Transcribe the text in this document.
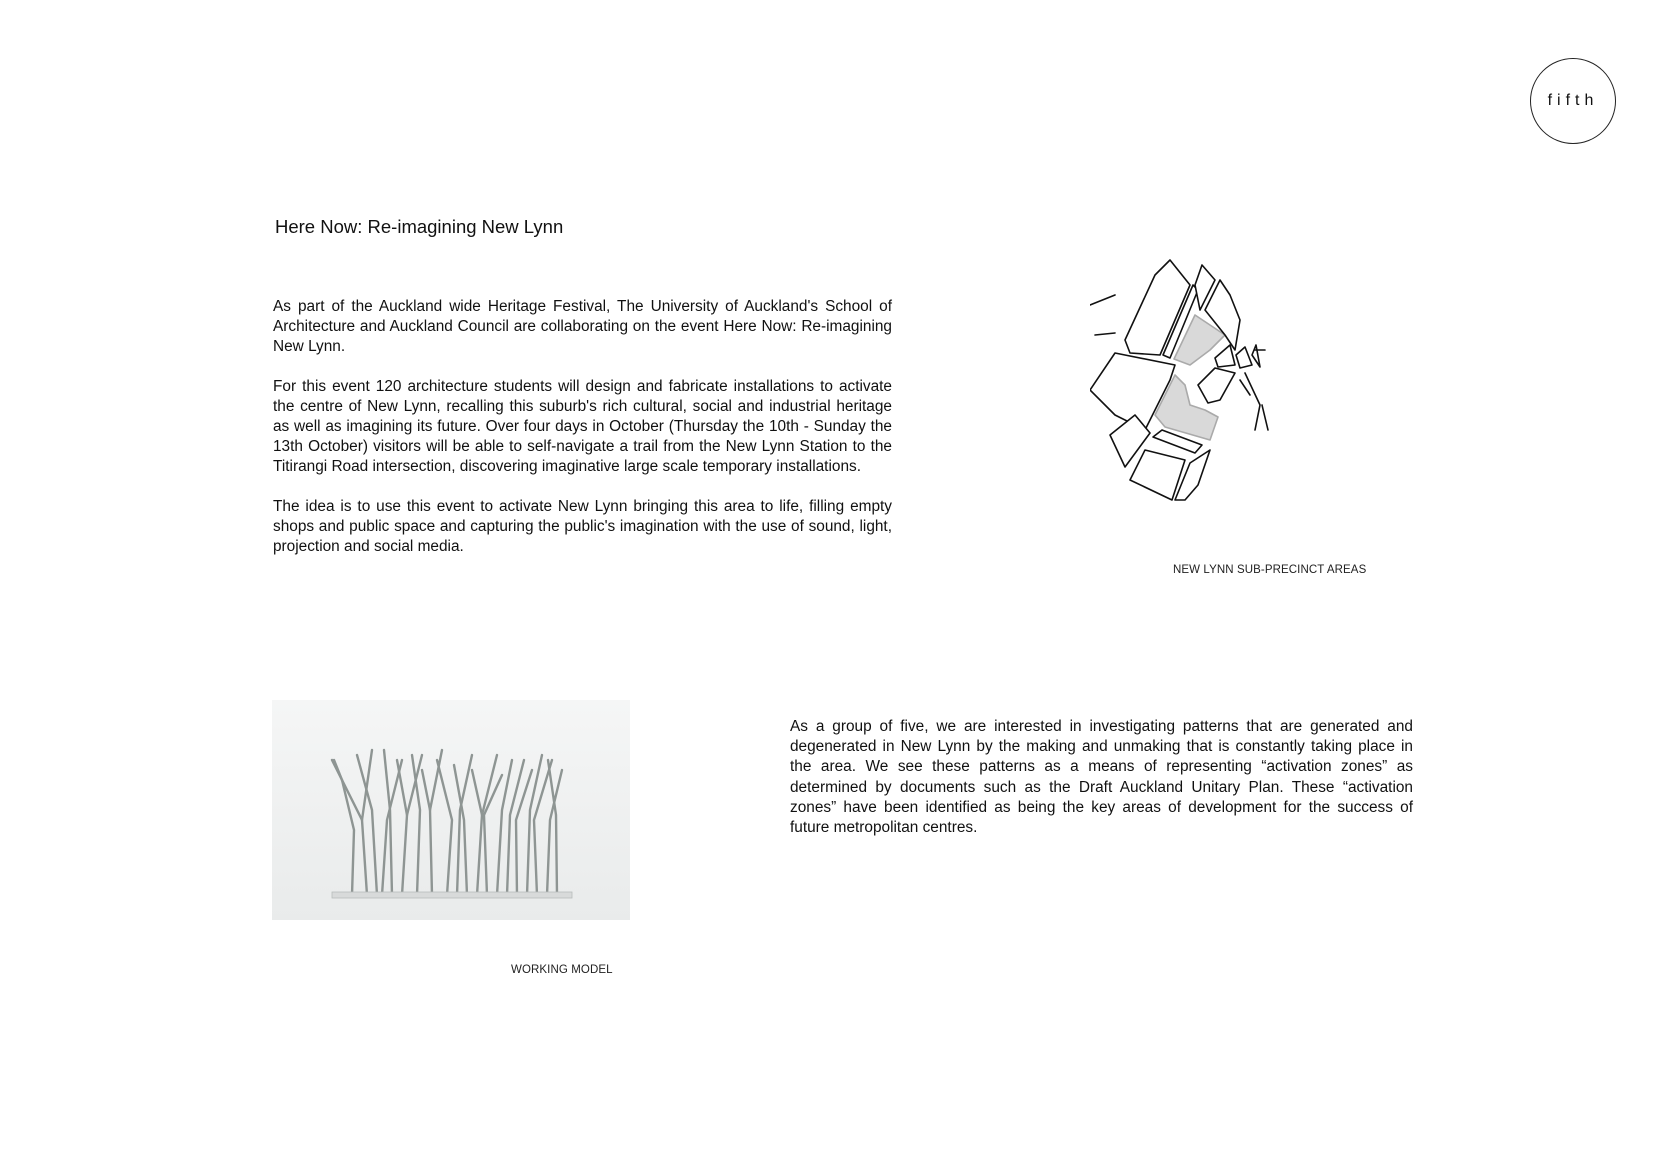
fifth
Here Now: Re-imagining New Lynn

As part of the Auckland wide Heritage Festival, The University of Auckland's School of Architecture and Auckland Council are collaborating on the event Here Now: Re-imagining New Lynn.

For this event 120 architecture students will design and fabricate installations to activate the centre of New Lynn, recalling this suburb's rich cultural, social and industrial heritage as well as imagining its future. Over four days in October (Thursday the 10th - Sunday the 13th October) visitors will be able to self-navigate a trail from the New Lynn Station to the Titirangi Road intersection, discovering imaginative large scale temporary installations.

The idea is to use this event to activate New Lynn bringing this area to life, filling empty shops and public space and capturing the public's imagination with the use of sound, light, projection and social media.

NEW LYNN SUB-PRECINCT AREAS
WORKING MODEL
As a group of five, we are interested in investigating patterns that are generated and degenerated in New Lynn by the making and unmaking that is constantly taking place in the area. We see these patterns as a means of representing “activation zones” as determined by documents such as the Draft Auckland Unitary Plan. These “activation zones” have been identified as being the key areas of development for the success of future metropolitan centres.
